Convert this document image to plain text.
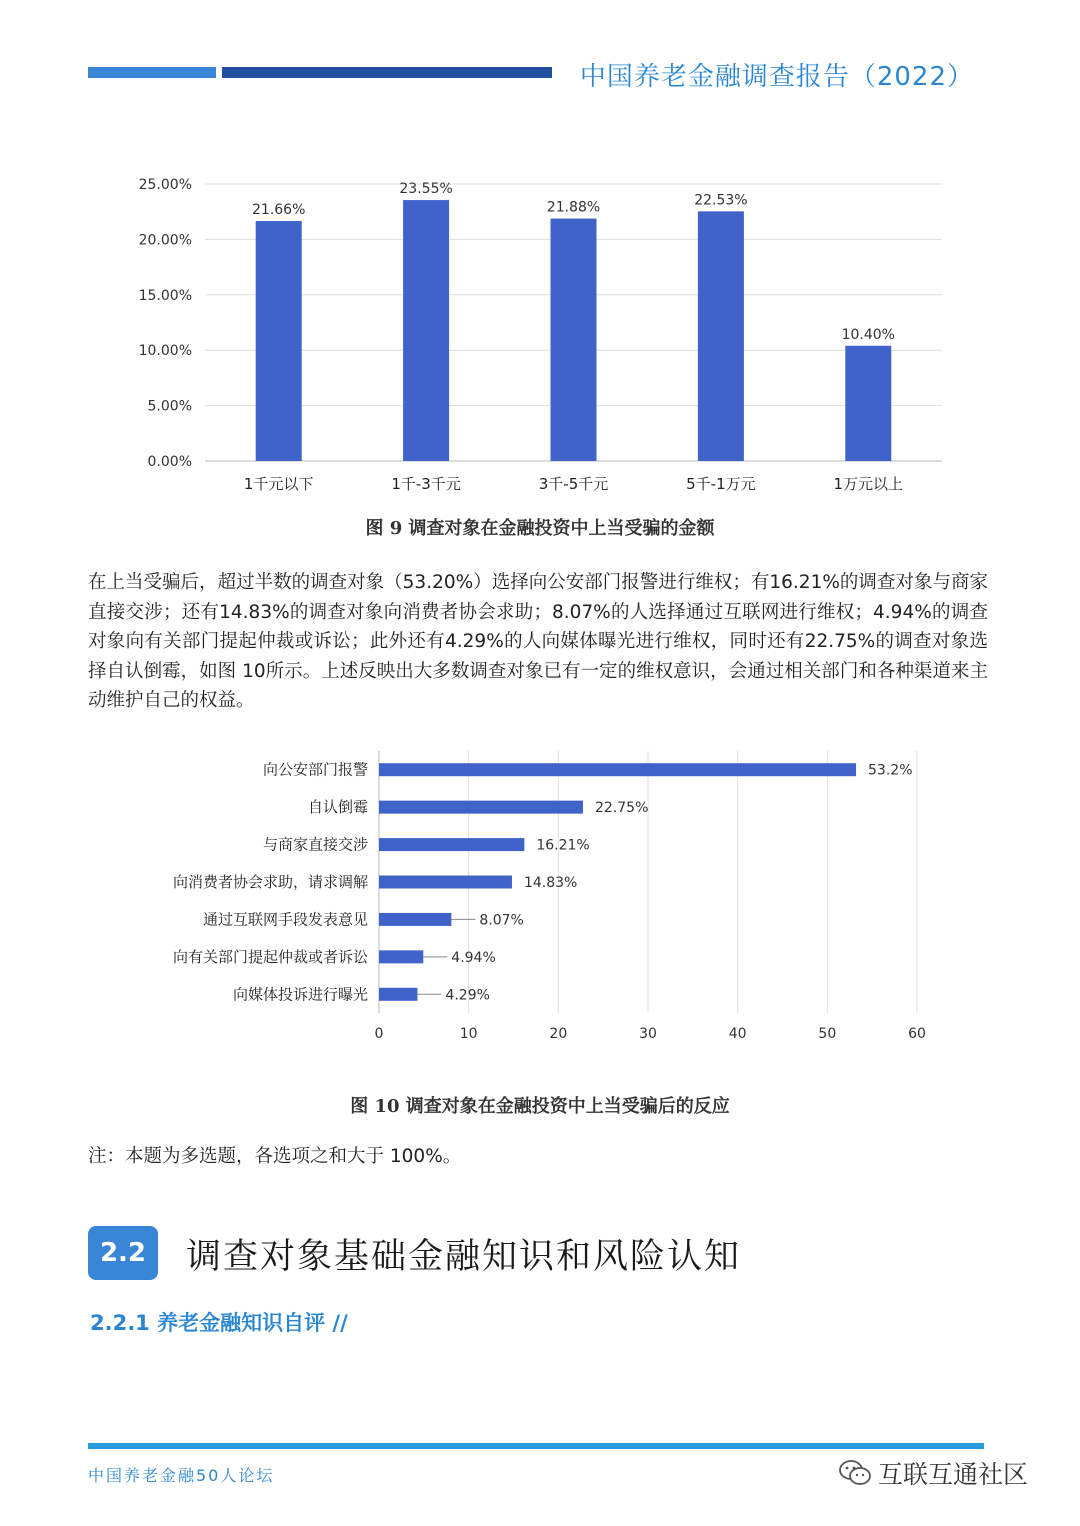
中国养老金融调查报告（2022）
0.00%
5.00%
10.00%
15.00%
20.00%
25.00%
21.66%
1千元以下
23.55%
1千-3千元
21.88%
3千-5千元
22.53%
5千-1万元
10.40%
1万元以上
图 9 调查对象在金融投资中上当受骗的金额
在上当受骗后，超过半数的调查对象（53.20%）选择向公安部门报警进行维权；有16.21%的调查对象与商家直接交涉；还有14.83%的调查对象向消费者协会求助；8.07%的人选择通过互联网进行维权；4.94%的调查对象向有关部门提起仲裁或诉讼；此外还有4.29%的人向媒体曝光进行维权，同时还有22.75%的调查对象选择自认倒霉，如图 10所示。上述反映出大多数调查对象已有一定的维权意识，会通过相关部门和各种渠道来主动维护自己的权益。
0	10	20	30	40	50	60
53.2%
向公安部门报警
22.75%
自认倒霉
16.21%
与商家直接交涉
14.83%
向消费者协会求助，请求调解
8.07%
通过互联网手段发表意见
4.94%
向有关部门提起仲裁或者诉讼
4.29%
向媒体投诉进行曝光
图 10 调查对象在金融投资中上当受骗后的反应
注：本题为多选题，各选项之和大于 100%。
2.2	调查对象基础金融知识和风险认知
2.2.1 养老金融知识自评 //
中国养老金融50人论坛	互联互通社区
